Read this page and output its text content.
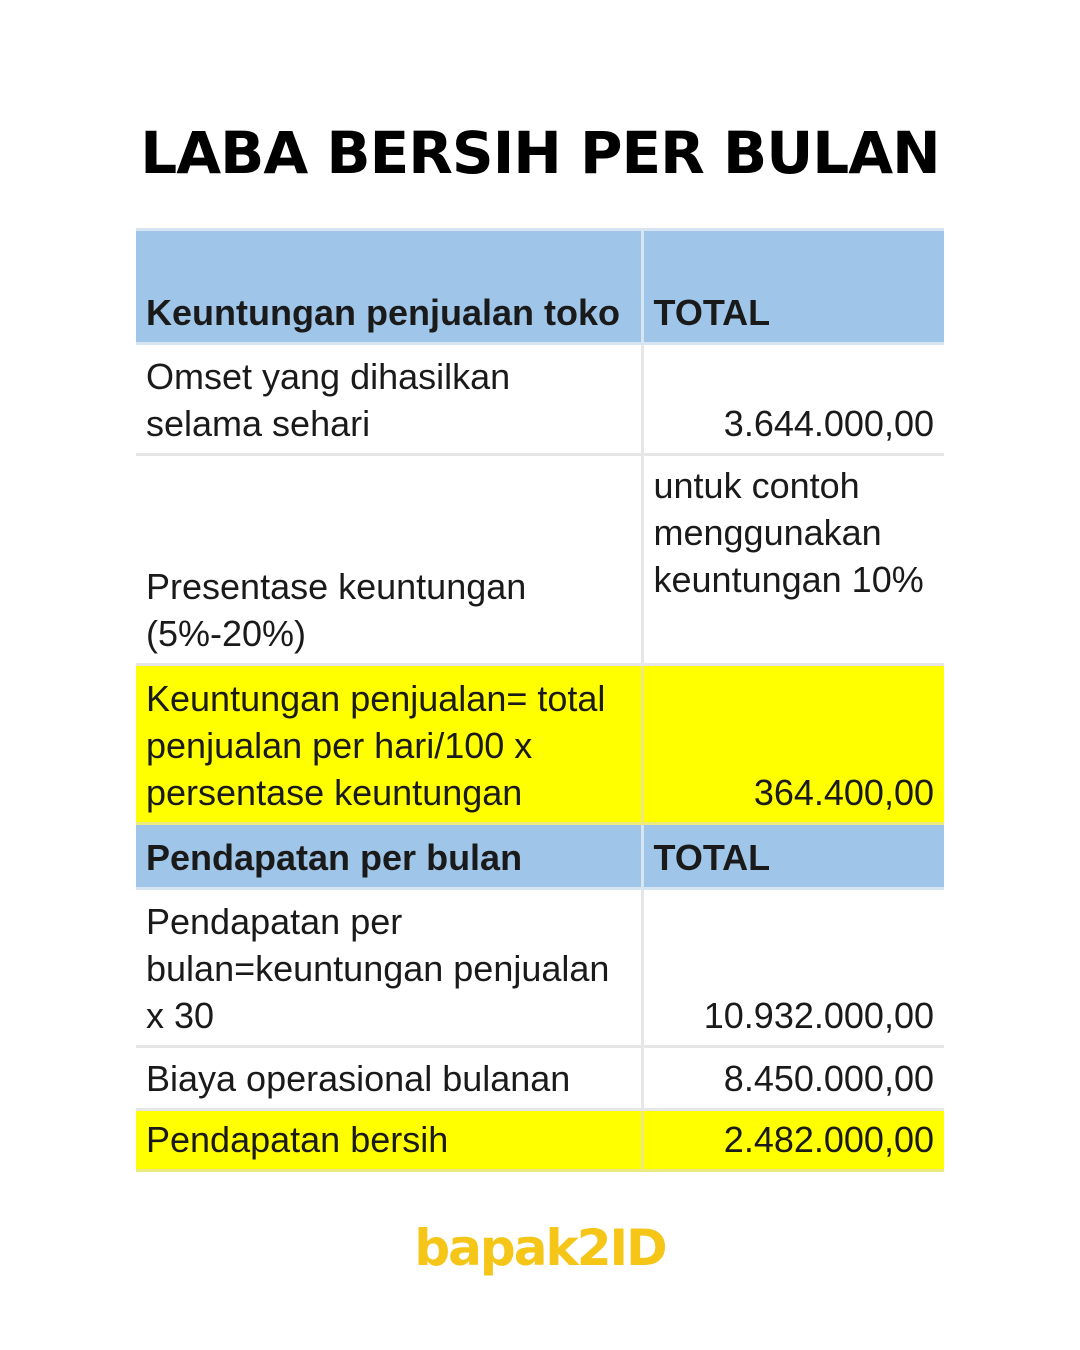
LABA BERSIH PER BULAN
Keuntungan penjualan toko	TOTAL
Omset yang dihasilkan selama sehari	3.644.000,00
Presentase keuntungan (5%-20%)	untuk contoh menggunakan keuntungan 10%
Keuntungan penjualan= total penjualan per hari/100 x persentase keuntungan	364.400,00
Pendapatan per bulan	TOTAL
Pendapatan per bulan=keuntungan penjualan x 30	10.932.000,00
Biaya operasional bulanan	8.450.000,00
Pendapatan bersih	2.482.000,00
bapak2ID
